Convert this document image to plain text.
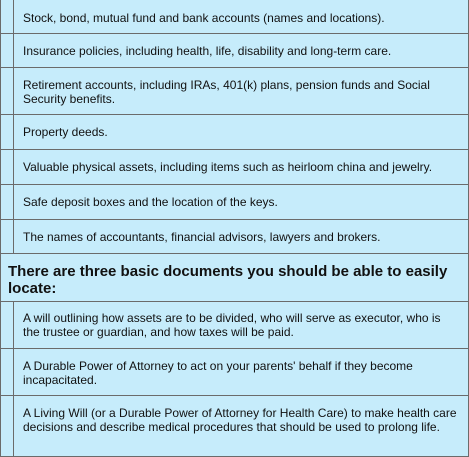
Stock, bond, mutual fund and bank accounts (names and locations).
Insurance policies, including health, life, disability and long-term care.
Retirement accounts, including IRAs, 401(k) plans, pension funds and Social Security benefits.
Property deeds.
Valuable physical assets, including items such as heirloom china and jewelry.
Safe deposit boxes and the location of the keys.
The names of accountants, financial advisors, lawyers and brokers.
There are three basic documents you should be able to easily locate:
A will outlining how assets are to be divided, who will serve as executor, who is the trustee or guardian, and how taxes will be paid.
A Durable Power of Attorney to act on your parents' behalf if they become incapacitated.
A Living Will (or a Durable Power of Attorney for Health Care) to make health care decisions and describe medical procedures that should be used to prolong life.
